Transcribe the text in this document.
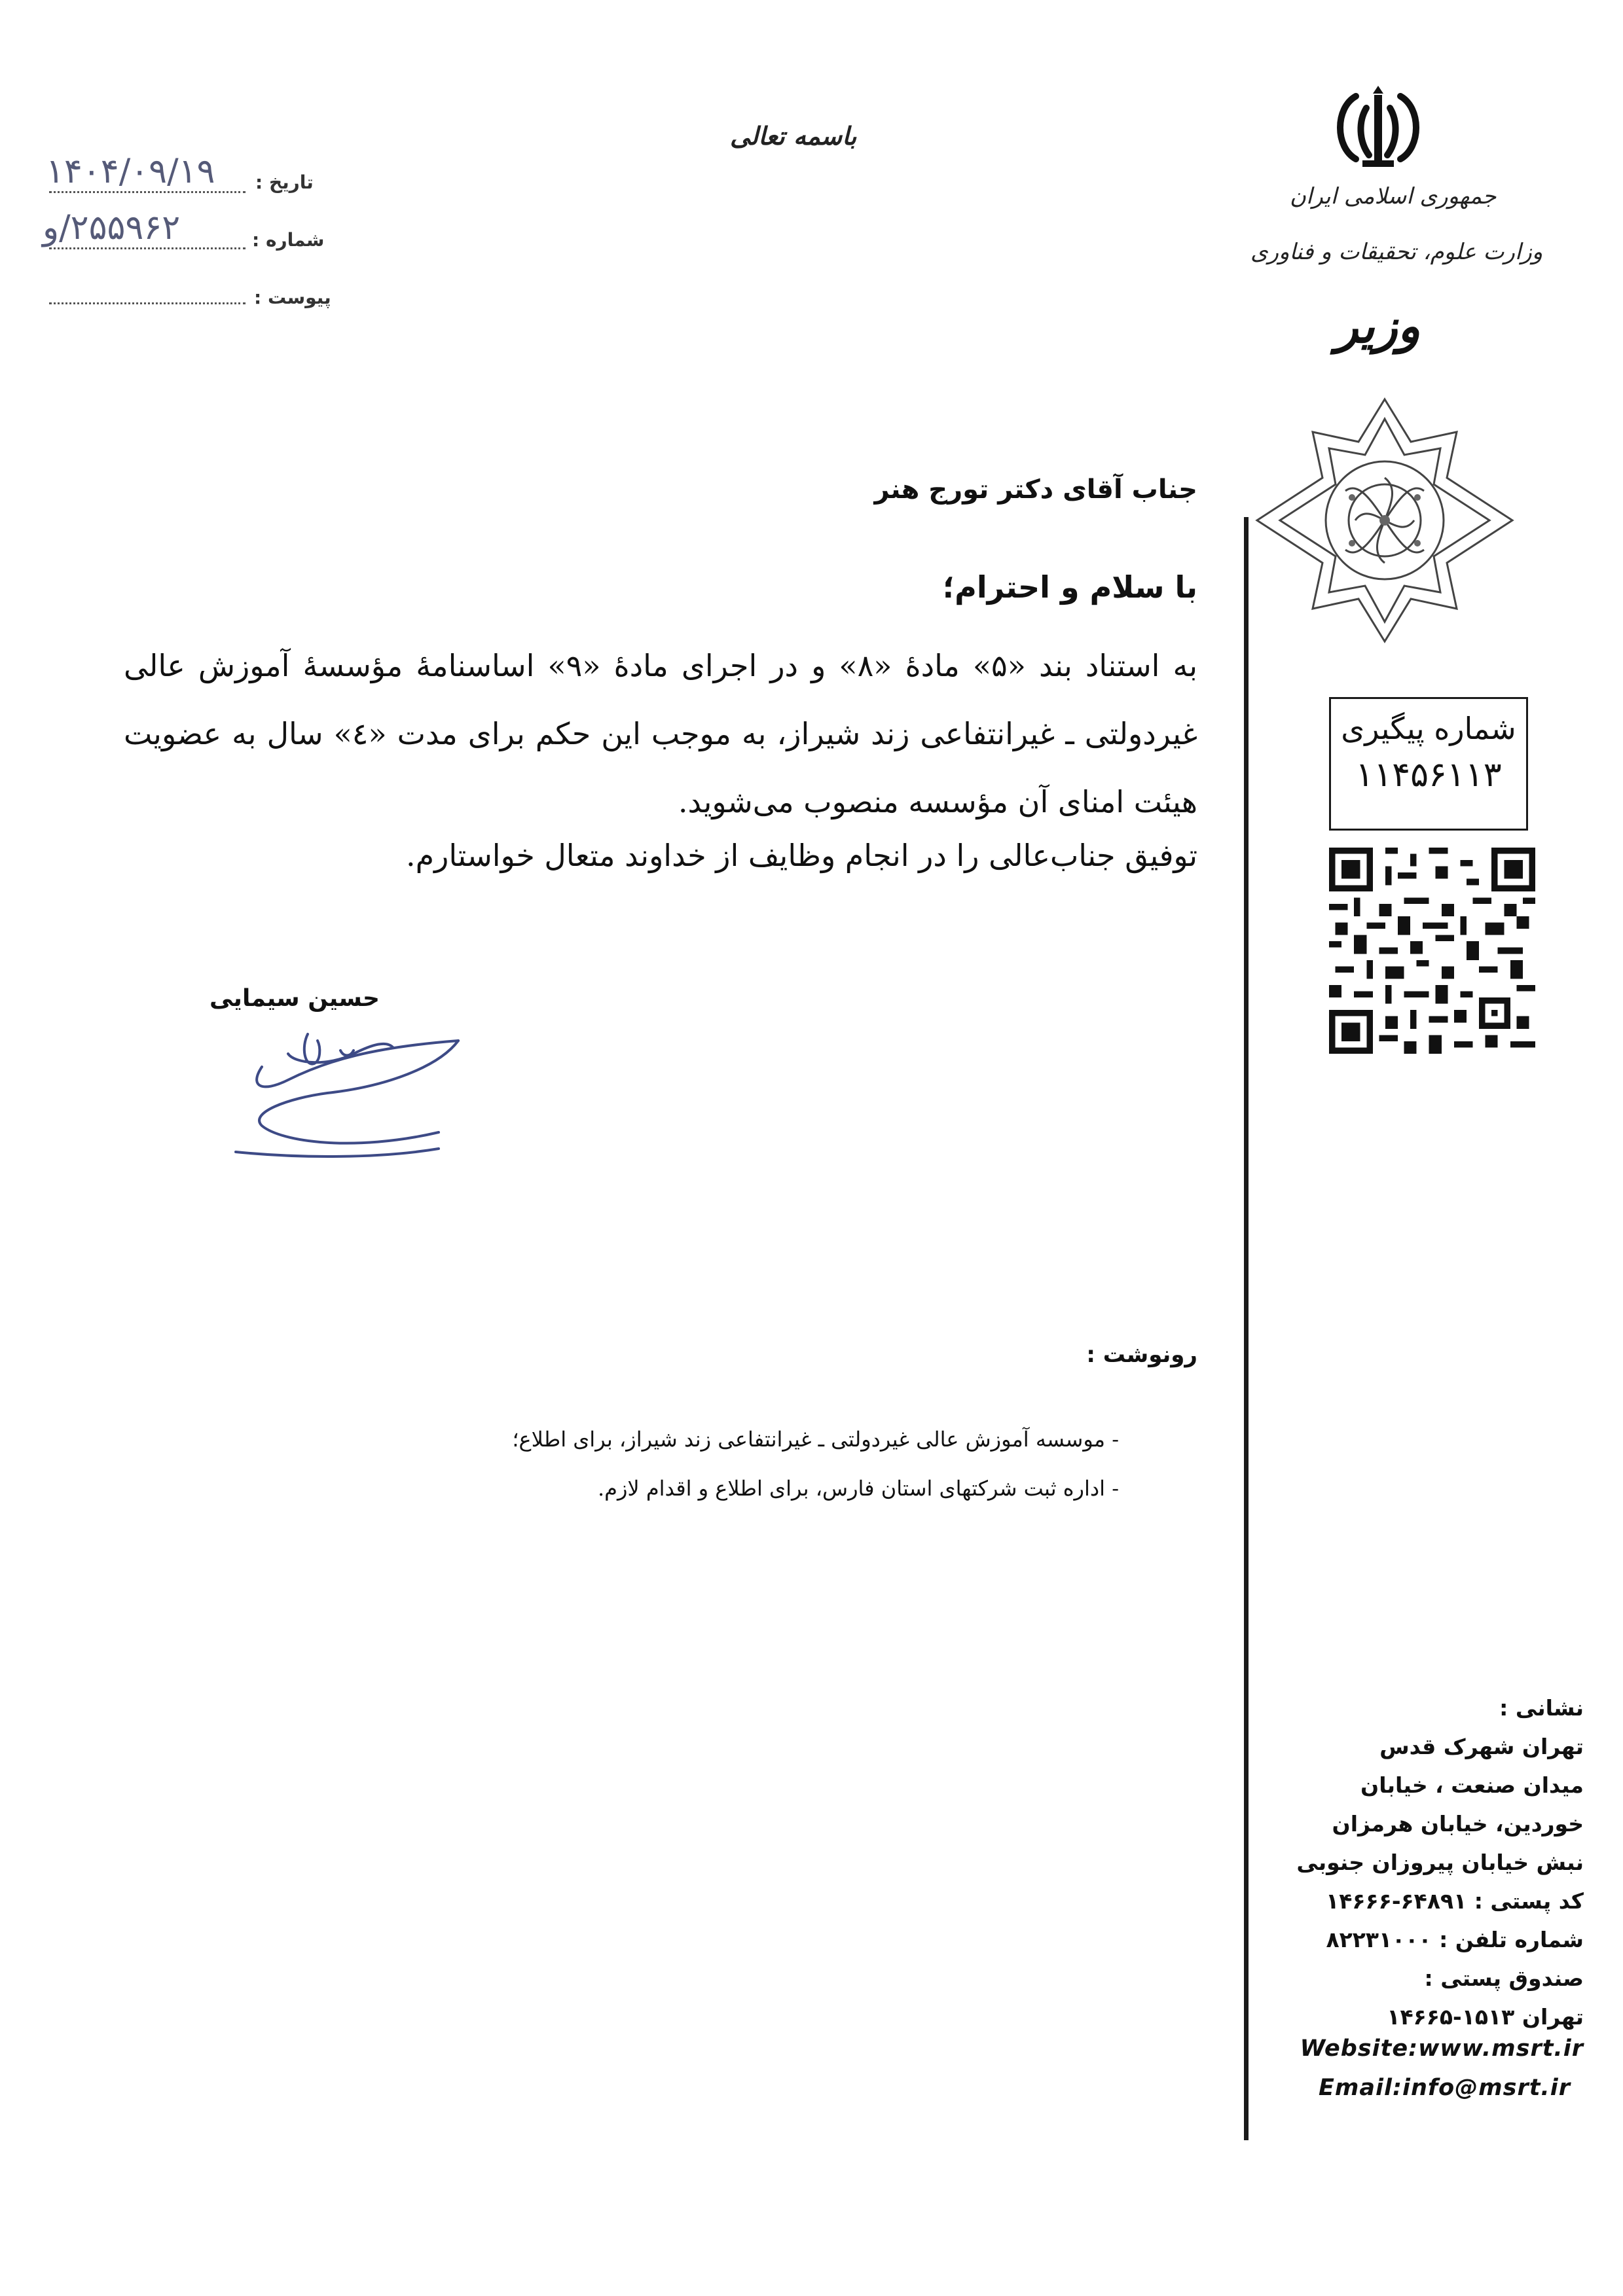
تاریخ :
۱۴۰۴/۰۹/۱۹
شماره :
۲۵۵۹۶۲/و
پیوست :
باسمه تعالی
جمهوری اسلامی ایران
وزارت علوم، تحقیقات و فناوری
وزیر
جناب آقای دکتر تورج هنر
با سلام و احترام؛
به استناد بند «۵» مادهٔ «۸» و در اجرای مادهٔ «۹» اساسنامهٔ مؤسسهٔ آموزش عالی غیردولتی ـ غیرانتفاعی زند شیراز، به موجب این حکم برای مدت «٤» سال به عضویت هیئت امنای آن مؤسسه منصوب می‌شوید.
توفیق جناب‌عالی را در انجام وظایف از خداوند متعال خواستارم.
حسین سیمایی
رونوشت :
- موسسه آموزش عالی غیردولتی ـ غیرانتفاعی زند شیراز، برای اطلاع؛
- اداره ثبت شرکتهای استان فارس، برای اطلاع و اقدام لازم.
شماره پیگیری
۱۱۴۵۶۱۱۳
نشانی :
تهران شهرک قدس
میدان صنعت ، خیابان
خوردین، خیابان هرمزان
نبش خیابان پیروزان جنوبی
کد پستی : ۶۴۸۹۱-۱۴۶۶۶
شماره تلفن : ۸۲۲۳۱۰۰۰
صندوق پستی :
تهران ۱۵۱۳-۱۴۶۶۵
Website:www.msrt.ir
Email:info@msrt.ir
